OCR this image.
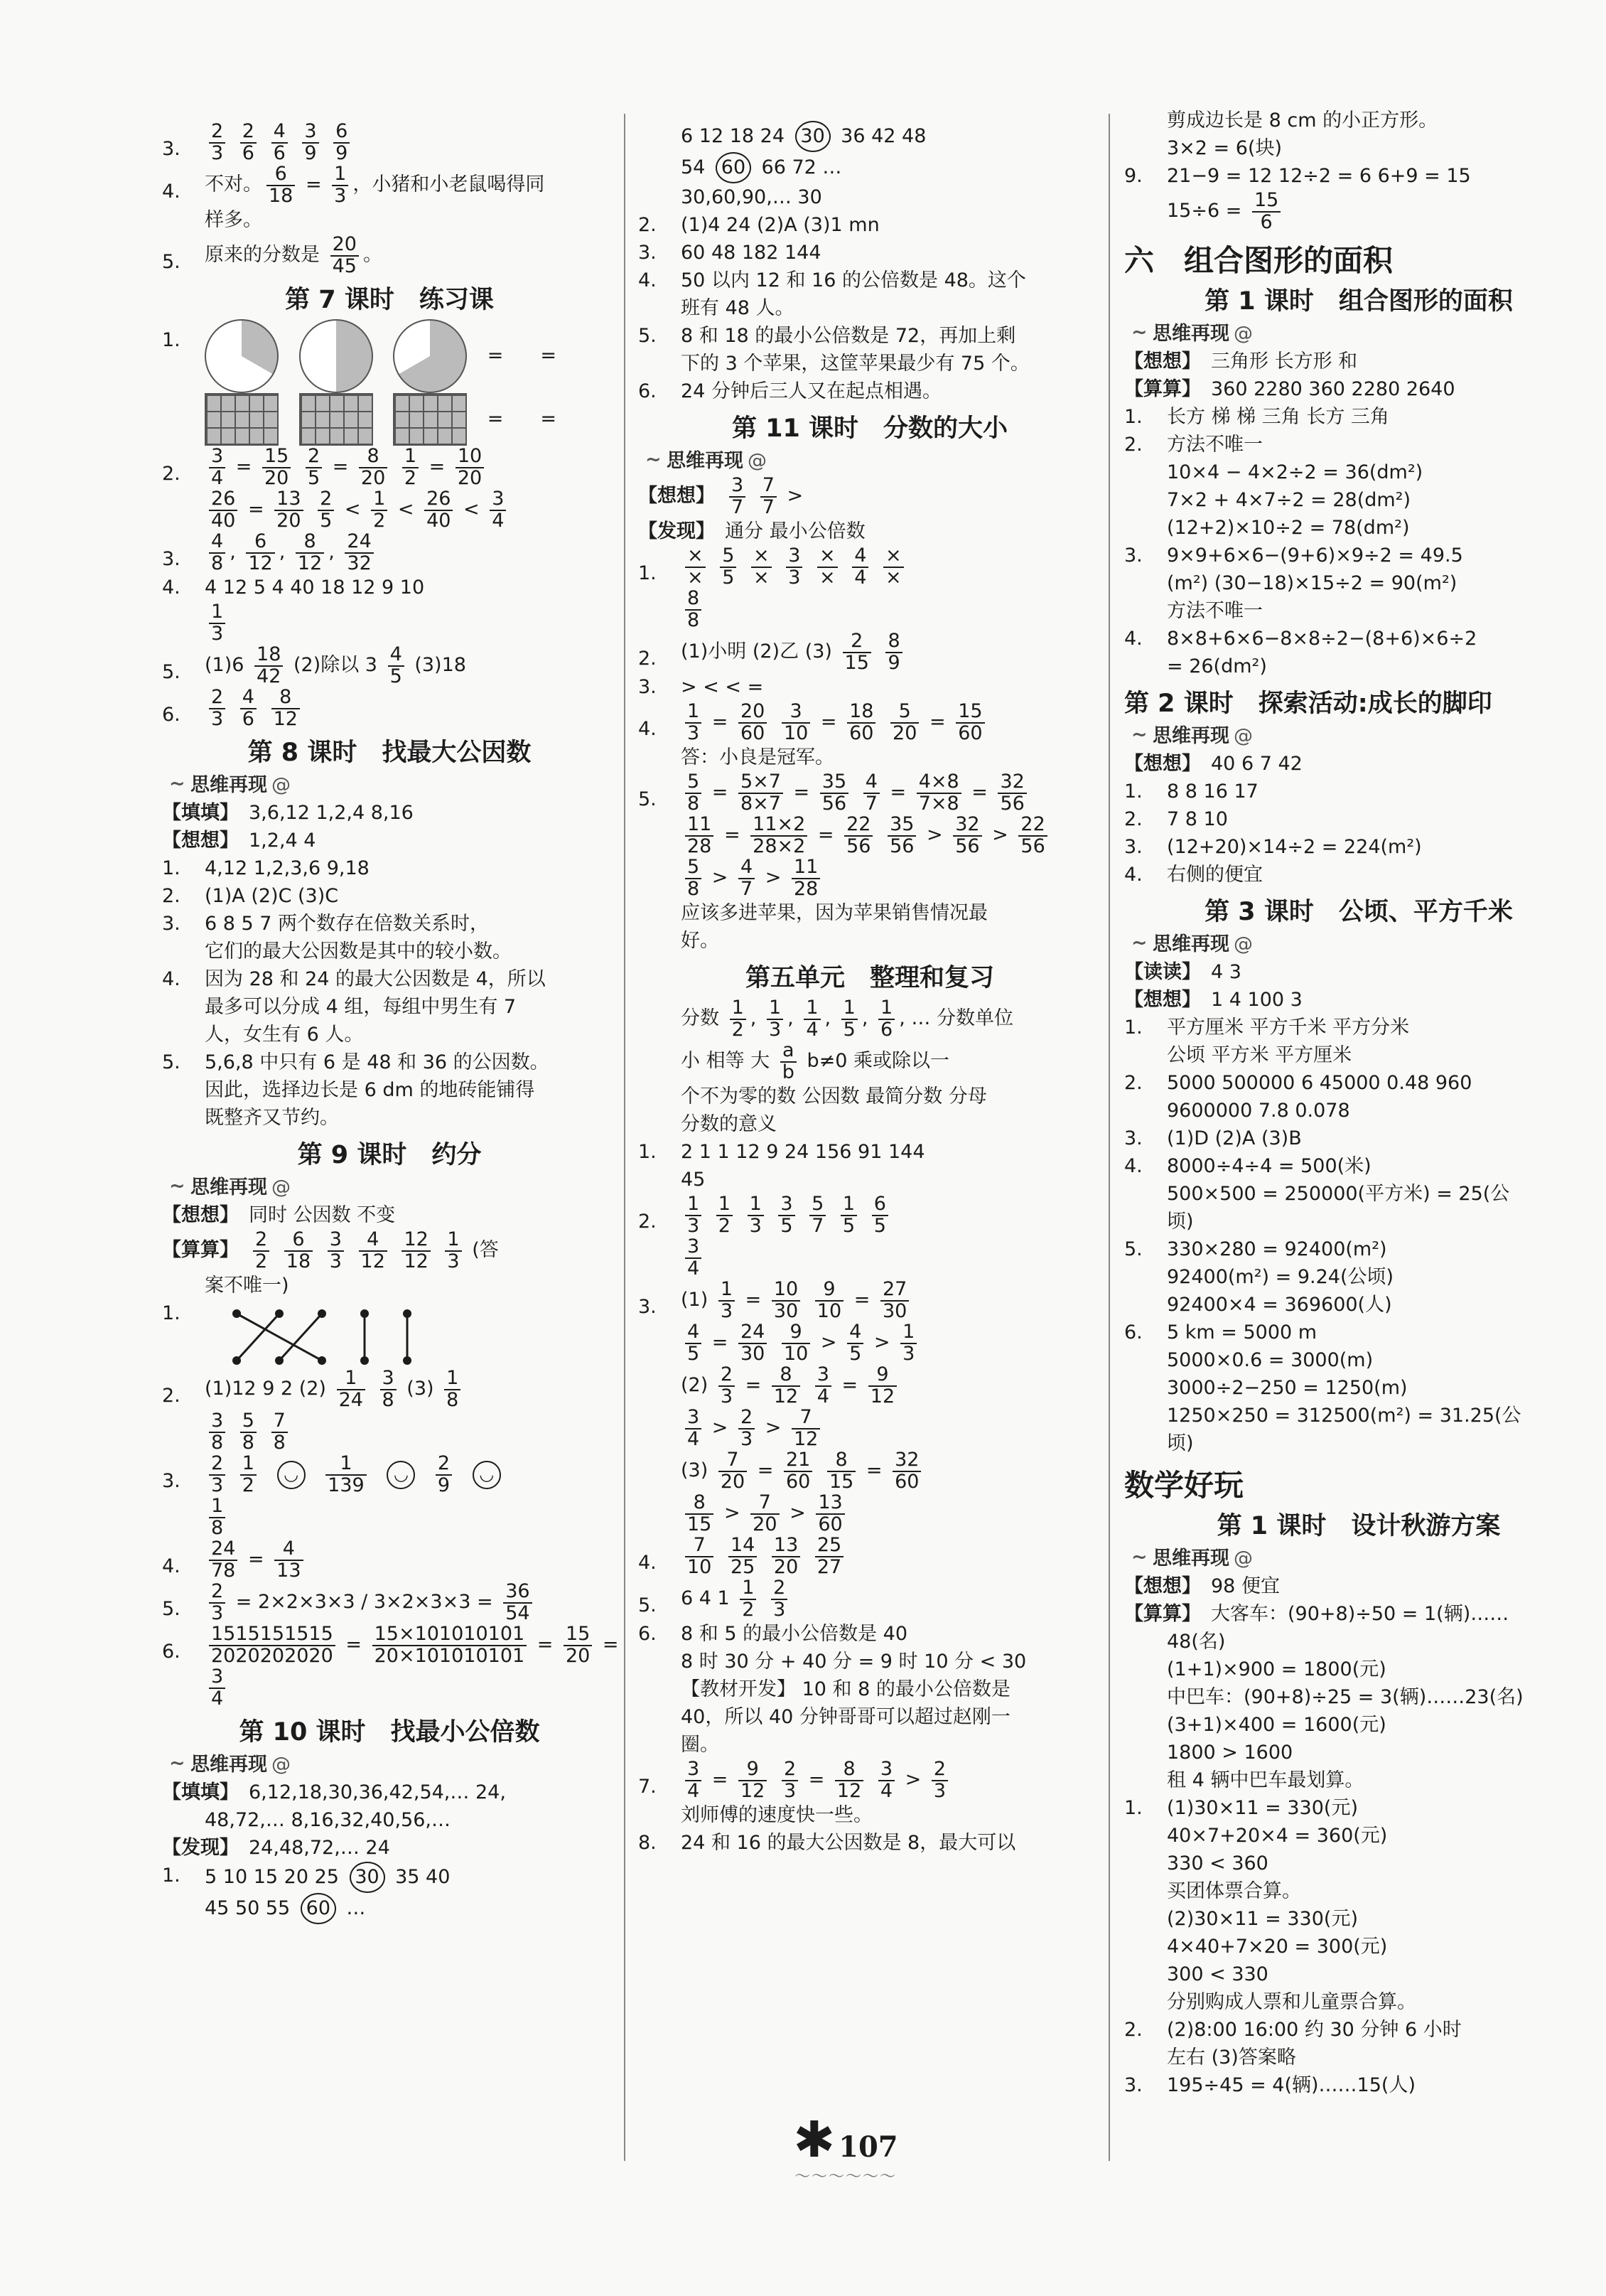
3. $\frac{2}{3}$
$\frac{2}{6}$
$\frac{4}{6}$
$\frac{3}{9}$
$\frac{6}{9}$
4. 不对。 $\frac{6}{18} = \frac{1}{3}$ ，小猪和小老鼠喝得同
样多。
5. 原来的分数是 $\frac{20}{45}$ 。
第 7 课时　练习课
1.
= =
= =
2. $\frac{3}{4} = \frac{15}{20}$
$\frac{2}{5} = \frac{8}{20}$
$\frac{1}{2} = \frac{10}{20}$
$\frac{26}{40} = \frac{13}{20}$
$\frac{2}{5} < \frac{1}{2} < \frac{26}{40} < \frac{3}{4}$
3. $\frac{4}{8}$ , $\frac{6}{12}$ , $\frac{8}{12}$ , $\frac{24}{32}$
4. 4 12 5 4 40 18 12 9 10
$\frac{1}{3}$
5. $(1)6 \frac{18}{42} (2)$除以 $3 \frac{4}{5} (3)18$
6. $\frac{2}{3}$
$\frac{4}{6}$
$\frac{8}{12}$
第 8 课时　找最大公因数
~ 思维再现 @
【填填】 3,6,12 1,2,4 8,16
【想想】 1,2,4 4
1. 4,12 1,2,3,6 9,18
2. (1)A (2)C (3)C
3. 6 8 5 7 两个数存在倍数关系时，
它们的最大公因数是其中的较小数。
4. 因为 28 和 24 的最大公因数是 4，所以
最多可以分成 4 组，每组中男生有 7
人，女生有 6 人。
5. 5,6,8 中只有 6 是 48 和 36 的公因数。
因此，选择边长是 6 dm 的地砖能铺得
既整齐又节约。
第 9 课时　约分
~ 思维再现 @
【想想】 同时 公因数 不变
【算算】 $\frac{2}{2}$
$\frac{6}{18}$
$\frac{3}{3}$
$\frac{4}{12}$
$\frac{12}{12}$
$\frac{1}{3}$ (答
案不唯一)
1.
2. (1)12 9 2 $(2) \frac{1}{24}$
$\frac{3}{8} (3) \frac{1}{8}$
$\frac{3}{8}$
$\frac{5}{8}$
$\frac{7}{8}$
3. $\frac{2}{3}$
$\frac{1}{2}$ ◡ $\frac{1}{139}$ ◡ $\frac{2}{9}$ ◡
$\frac{1}{8}$
4. $\frac{24}{78} = \frac{4}{13}$
5. $\frac{2}{3} = 2\times 2\times 3\times 3 / 3\times 2\times 3\times 3 = \frac{36}{54}$
6. $\frac{1515151515}{2020202020} = \frac{15\times 101010101}{20\times 101010101} = \frac{15}{20}$ =
$\frac{3}{4}$
第 10 课时　找最小公倍数
~ 思维再现 @
【填填】 6,12,18,30,36,42,54,… 24,
48,72,… 8,16,32,40,56,…
【发现】 24,48,72,… 24
1. 5 10 15 20 25 30 35 40
45 50 55 60 …
6 12 18 24 30 36 42 48
54 60 66 72 …
30,60,90,… 30
2. (1)4 24 (2)A (3)1 mn
3. 60 48 182 144
4. 50 以内 12 和 16 的公倍数是 48。这个
班有 48 人。
5. 8 和 18 的最小公倍数是 72，再加上剩
下的 3 个苹果，这筐苹果最少有 75 个。
6. 24 分钟后三人又在起点相遇。
第 11 课时　分数的大小
~ 思维再现 @
【想想】 $\frac{3}{7}$
$\frac{7}{7}$ >
【发现】 通分 最小公倍数
1. $\frac{\times}{\times}$
$\frac{5}{5}$
$\frac{\times}{\times}$
$\frac{3}{3}$
$\frac{\times}{\times}$
$\frac{4}{4}$
$\frac{\times}{\times}$
$\frac{8}{8}$
2. (1)小明 (2)乙 $(3) \frac{2}{15}$
$\frac{8}{9}$
3. > < < =
4. $\frac{1}{3} = \frac{20}{60}$
$\frac{3}{10} = \frac{18}{60}$
$\frac{5}{20} = \frac{15}{60}$
答：小良是冠军。
5. $\frac{5}{8} = \frac{5\times 7}{8\times 7} = \frac{35}{56}$
$\frac{4}{7} = \frac{4\times 8}{7\times 8} = \frac{32}{56}$
$\frac{11}{28} = \frac{11\times 2}{28\times 2} = \frac{22}{56}$
$\frac{35}{56} > \frac{32}{56} > \frac{22}{56}$
$\frac{5}{8} > \frac{4}{7} > \frac{11}{28}$
应该多进苹果，因为苹果销售情况最
好。
第五单元　整理和复习
分数 $\frac{1}{2}$ , $\frac{1}{3}$ , $\frac{1}{4}$ , $\frac{1}{5}$ , $\frac{1}{6}$ , … 分数单位
小 相等 大 $\frac{a}{b} b\ne 0$ 乘或除以一
个不为零的数 公因数 最简分数 分母
分数的意义
1. 2 1 1 12 9 24 156 91 144
45
2. $\frac{1}{3}$
$\frac{1}{2}$
$\frac{1}{3}$
$\frac{3}{5}$
$\frac{5}{7}$
$\frac{1}{5}$
$\frac{6}{5}$
$\frac{3}{4}$
3. $(1) \frac{1}{3} = \frac{10}{30}$
$\frac{9}{10} = \frac{27}{30}$
$\frac{4}{5} = \frac{24}{30}$
$\frac{9}{10} > \frac{4}{5} > \frac{1}{3}$
$(2) \frac{2}{3} = \frac{8}{12}$
$\frac{3}{4} = \frac{9}{12}$
$\frac{3}{4} > \frac{2}{3} > \frac{7}{12}$
$(3) \frac{7}{20} = \frac{21}{60}$
$\frac{8}{15} = \frac{32}{60}$
$\frac{8}{15} > \frac{7}{20} > \frac{13}{60}$
4. $\frac{7}{10}$
$\frac{14}{25}$
$\frac{13}{20}$
$\frac{25}{27}$
5. 6 4 $1 \frac{1}{2}$
$\frac{2}{3}$
6. 8 和 5 的最小公倍数是 40
8 时 30 分 + 40 分 = 9 时 10 分 < 30
【教材开发】 10 和 8 的最小公倍数是
40，所以 40 分钟哥哥可以超过赵刚一
圈。
7. $\frac{3}{4} = \frac{9}{12}$
$\frac{2}{3} = \frac{8}{12}$
$\frac{3}{4} > \frac{2}{3}$
刘师傅的速度快一些。
8. 24 和 16 的最大公因数是 8，最大可以
剪成边长是 8 cm 的小正方形。
3×2 = 6(块)
9. 21−9 = 12 12÷2 = 6 6+9 = 15
$15\div 6 = \frac{15}{6}$
六　组合图形的面积
第 1 课时　组合图形的面积
~ 思维再现 @
【想想】 三角形 长方形 和
【算算】 360 2280 360 2280 2640
1. 长方 梯 梯 三角 长方 三角
2. 方法不唯一
10×4 − 4×2÷2 = 36(dm²)
7×2 + 4×7÷2 = 28(dm²)
(12+2)×10÷2 = 78(dm²)
3. 9×9+6×6−(9+6)×9÷2 = 49.5
(m²) (30−18)×15÷2 = 90(m²)
方法不唯一
4. 8×8+6×6−8×8÷2−(8+6)×6÷2
= 26(dm²)
第 2 课时　探索活动:成长的脚印
~ 思维再现 @
【想想】 40 6 7 42
1. 8 8 16 17
2. 7 8 10
3. (12+20)×14÷2 = 224(m²)
4. 右侧的便宜
第 3 课时　公顷、平方千米
~ 思维再现 @
【读读】 4 3
【想想】 1 4 100 3
1. 平方厘米 平方千米 平方分米
公顷 平方米 平方厘米
2. 5000 500000 6 45000 0.48 960
9600000 7.8 0.078
3. (1)D (2)A (3)B
4. 8000÷4÷4 = 500(米)
500×500 = 250000(平方米) = 25(公
顷)
5. 330×280 = 92400(m²)
92400(m²) = 9.24(公顷)
92400×4 = 369600(人)
6. 5 km = 5000 m
5000×0.6 = 3000(m)
3000÷2−250 = 1250(m)
1250×250 = 312500(m²) = 31.25(公
顷)
数学好玩
第 1 课时　设计秋游方案
~ 思维再现 @
【想想】 98 便宜
【算算】 大客车：(90+8)÷50 = 1(辆)……
48(名)
(1+1)×900 = 1800(元)
中巴车：(90+8)÷25 = 3(辆)……23(名)
(3+1)×400 = 1600(元)
1800 > 1600
租 4 辆中巴车最划算。
1. (1)30×11 = 330(元)
40×7+20×4 = 360(元)
330 < 360
买团体票合算。
(2)30×11 = 330(元)
4×40+7×20 = 300(元)
300 < 330
分别购成人票和儿童票合算。
2. (2)8:00 16:00 约 30 分钟 6 小时
左右 (3)答案略
3. 195÷45 = 4(辆)……15(人)
✱ 107
～～～～～～
